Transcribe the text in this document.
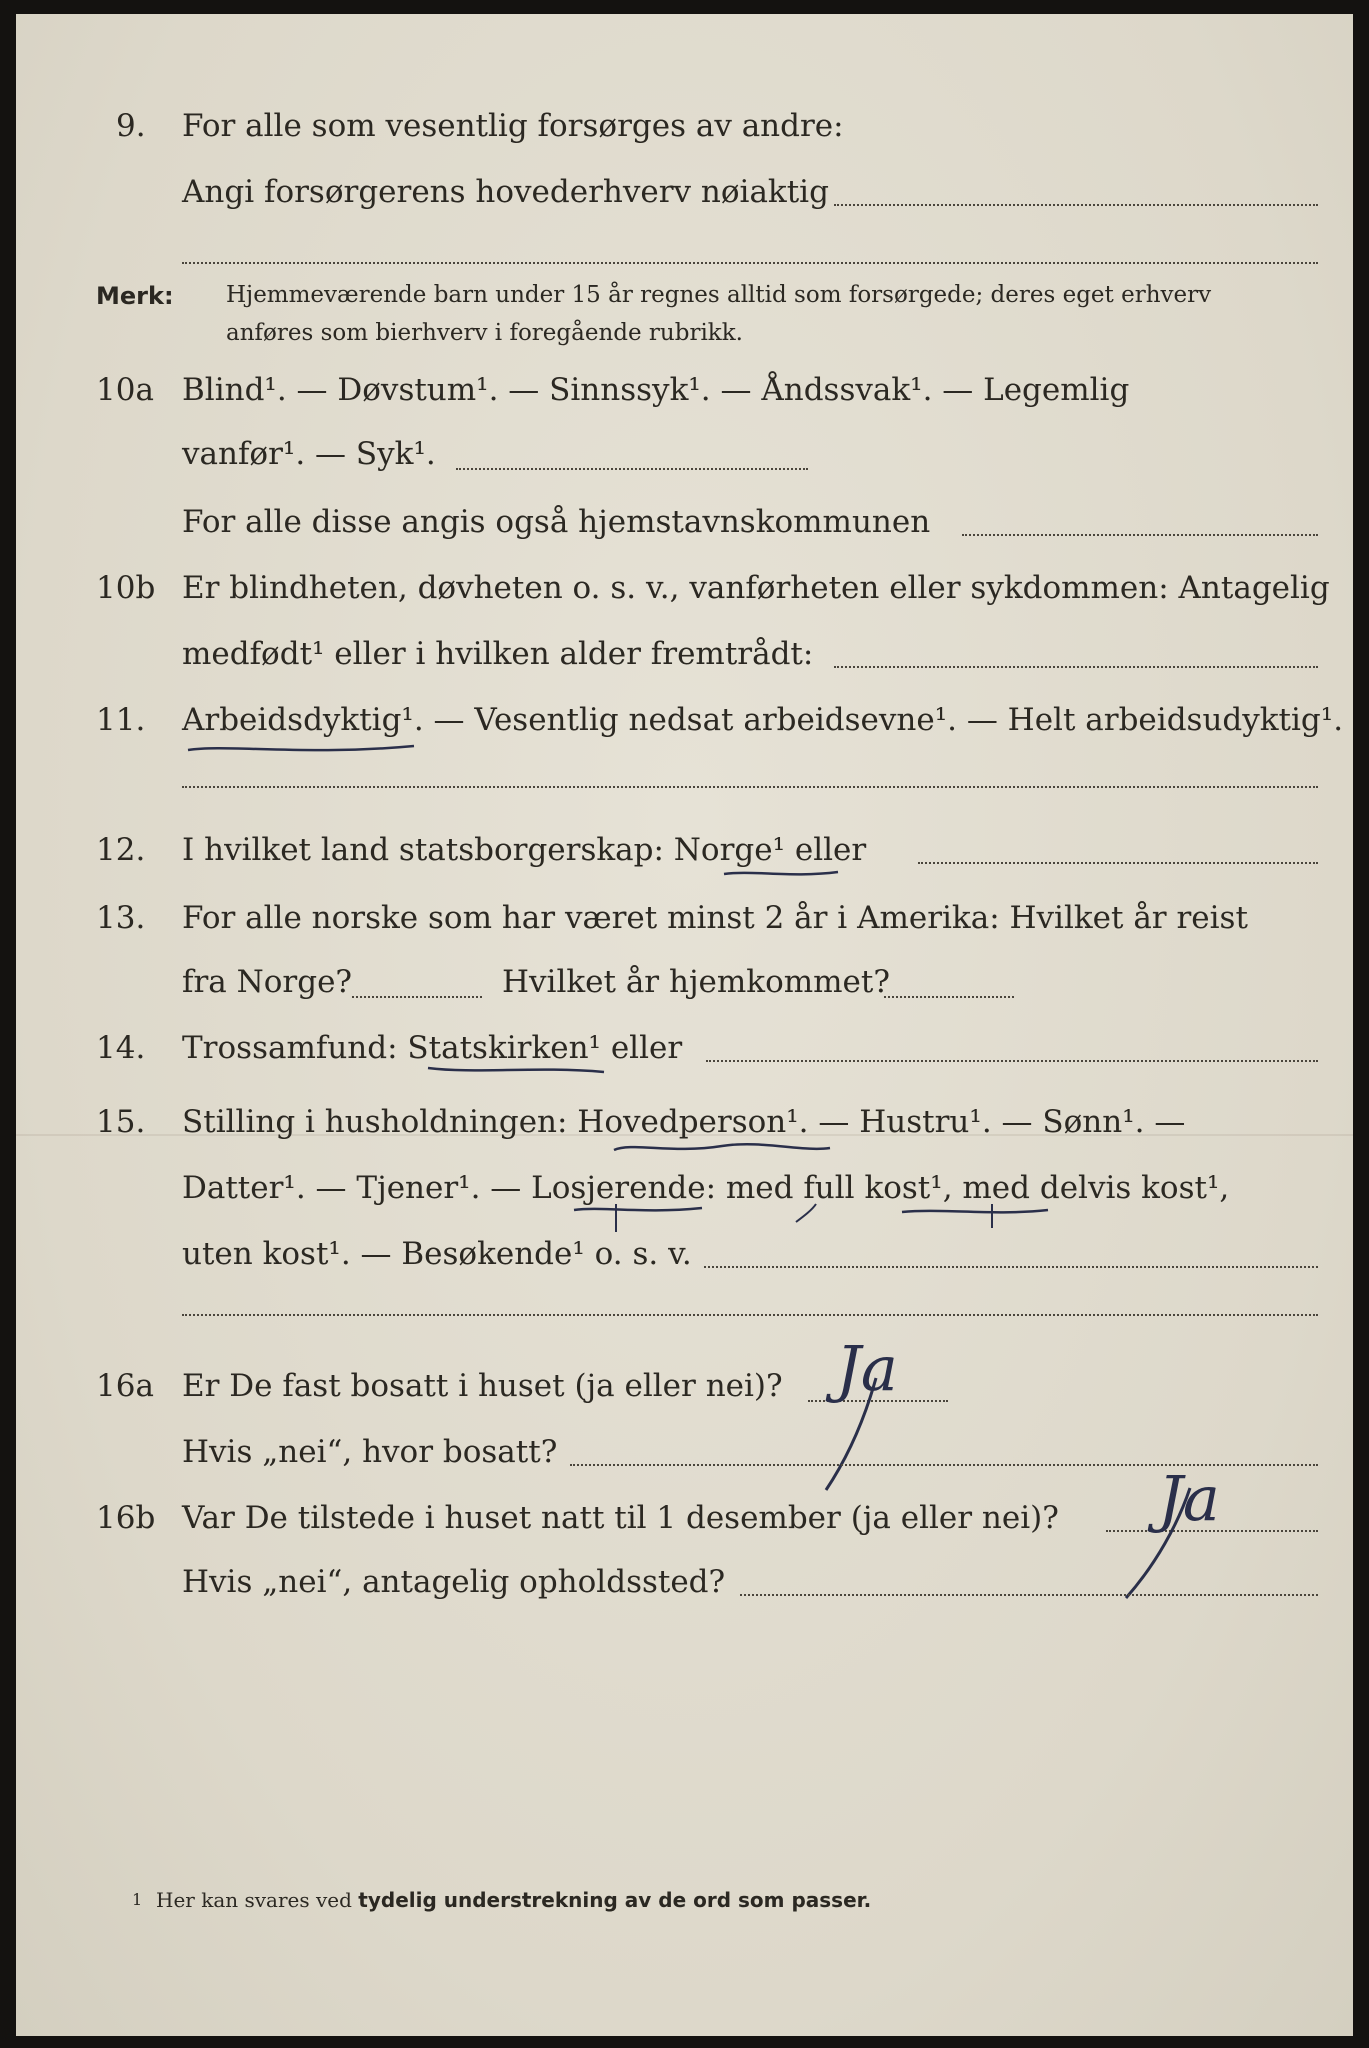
9. For alle som vesentlig forsørges av andre:
Angi forsørgerens hovederhverv nøiaktig
Merk: Hjemmeværende barn under 15 år regnes alltid som forsørgede; deres eget erhverv
anføres som bierhverv i foregående rubrikk.
10a Blind¹. — Døvstum¹. — Sinnssyk¹. — Åndssvak¹. — Legemlig
vanfør¹. — Syk¹.
For alle disse angis også hjemstavnskommunen
10b Er blindheten, døvheten o. s. v., vanførheten eller sykdommen: Antagelig
medfødt¹ eller i hvilken alder fremtrådt:
11. Arbeidsdyktig¹. — Vesentlig nedsat arbeidsevne¹. — Helt arbeidsudyktig¹.
12. I hvilket land statsborgerskap: Norge¹ eller
13. For alle norske som har været minst 2 år i Amerika: Hvilket år reist
fra Norge?	Hvilket år hjemkommet?
14. Trossamfund: Statskirken¹ eller
15. Stilling i husholdningen: Hovedperson¹. — Hustru¹. — Sønn¹. —
Datter¹. — Tjener¹. — Losjerende: med full kost¹, med delvis kost¹,
uten kost¹. — Besøkende¹ o. s. v.
16a Er De fast bosatt i huset (ja eller nei)? Ja
Hvis „nei“, hvor bosatt?
16b Var De tilstede i huset natt til 1 desember (ja eller nei)? Ja
Hvis „nei“, antagelig opholdssted?
1 Her kan svares ved tydelig understrekning av de ord som passer.
